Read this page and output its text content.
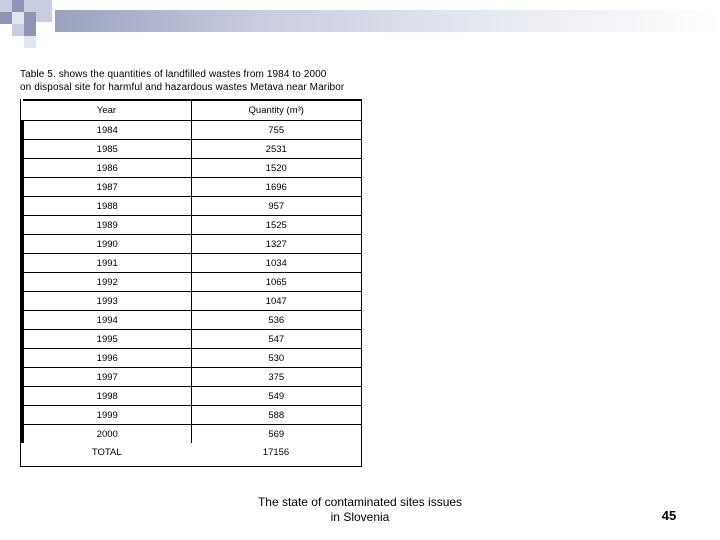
Table 5. shows the quantities of landfilled wastes from 1984 to 2000
on disposal site for harmful and hazardous wastes Metava near Maribor
Year	Quantity (m³)
1984	755
1985	2531
1986	1520
1987	1696
1988	957
1989	1525
1990	1327
1991	1034
1992	1065
1993	1047
1994	536
1995	547
1996	530
1997	375
1998	549
1999	588
2000	569
TOTAL	17156
The state of contaminated sites issues
in Slovenia	45
